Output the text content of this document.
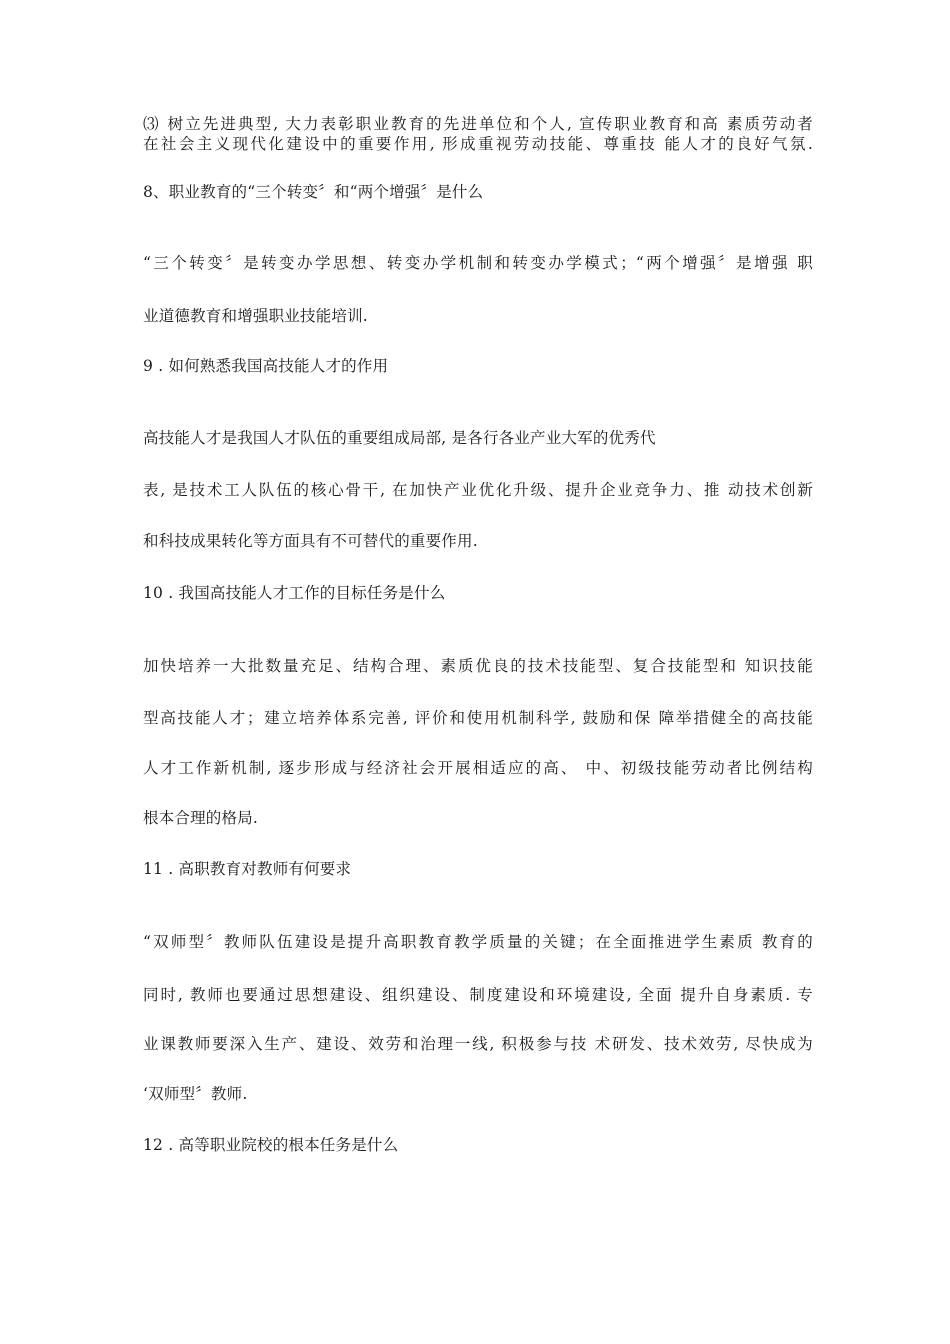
⑶ 树立先进典型, 大力表彰职业教育的先进单位和个人, 宣传职业教育和高 素质劳动者
在社会主义现代化建设中的重要作用, 形成重视劳动技能、尊重技 能人才的良好气氛.
8、职业教育的“三个转变〞和“两个增强〞是什么
“三个转变〞是转变办学思想、转变办学机制和转变办学模式；“两个增强〞是增强 职
业道德教育和增强职业技能培训.
9 . 如何熟悉我国高技能人才的作用
高技能人才是我国人才队伍的重要组成局部, 是各行各业产业大军的优秀代
表, 是技术工人队伍的核心骨干, 在加快产业优化升级、提升企业竞争力、推 动技术创新
和科技成果转化等方面具有不可替代的重要作用.
10 . 我国高技能人才工作的目标任务是什么
加快培养一大批数量充足、结构合理、素质优良的技术技能型、复合技能型和 知识技能
型高技能人才；建立培养体系完善, 评价和使用机制科学, 鼓励和保 障举措健全的高技能
人才工作新机制, 逐步形成与经济社会开展相适应的高、 中、初级技能劳动者比例结构
根本合理的格局.
11 . 高职教育对教师有何要求
“双师型〞教师队伍建设是提升高职教育教学质量的关键；在全面推进学生素质 教育的
同时, 教师也要通过思想建设、组织建设、制度建设和环境建设, 全面 提升自身素质. 专
业课教师要深入生产、建设、效劳和治理一线, 积极参与技 术研发、技术效劳, 尽快成为
‘双师型〞教师.
12 . 高等职业院校的根本任务是什么
